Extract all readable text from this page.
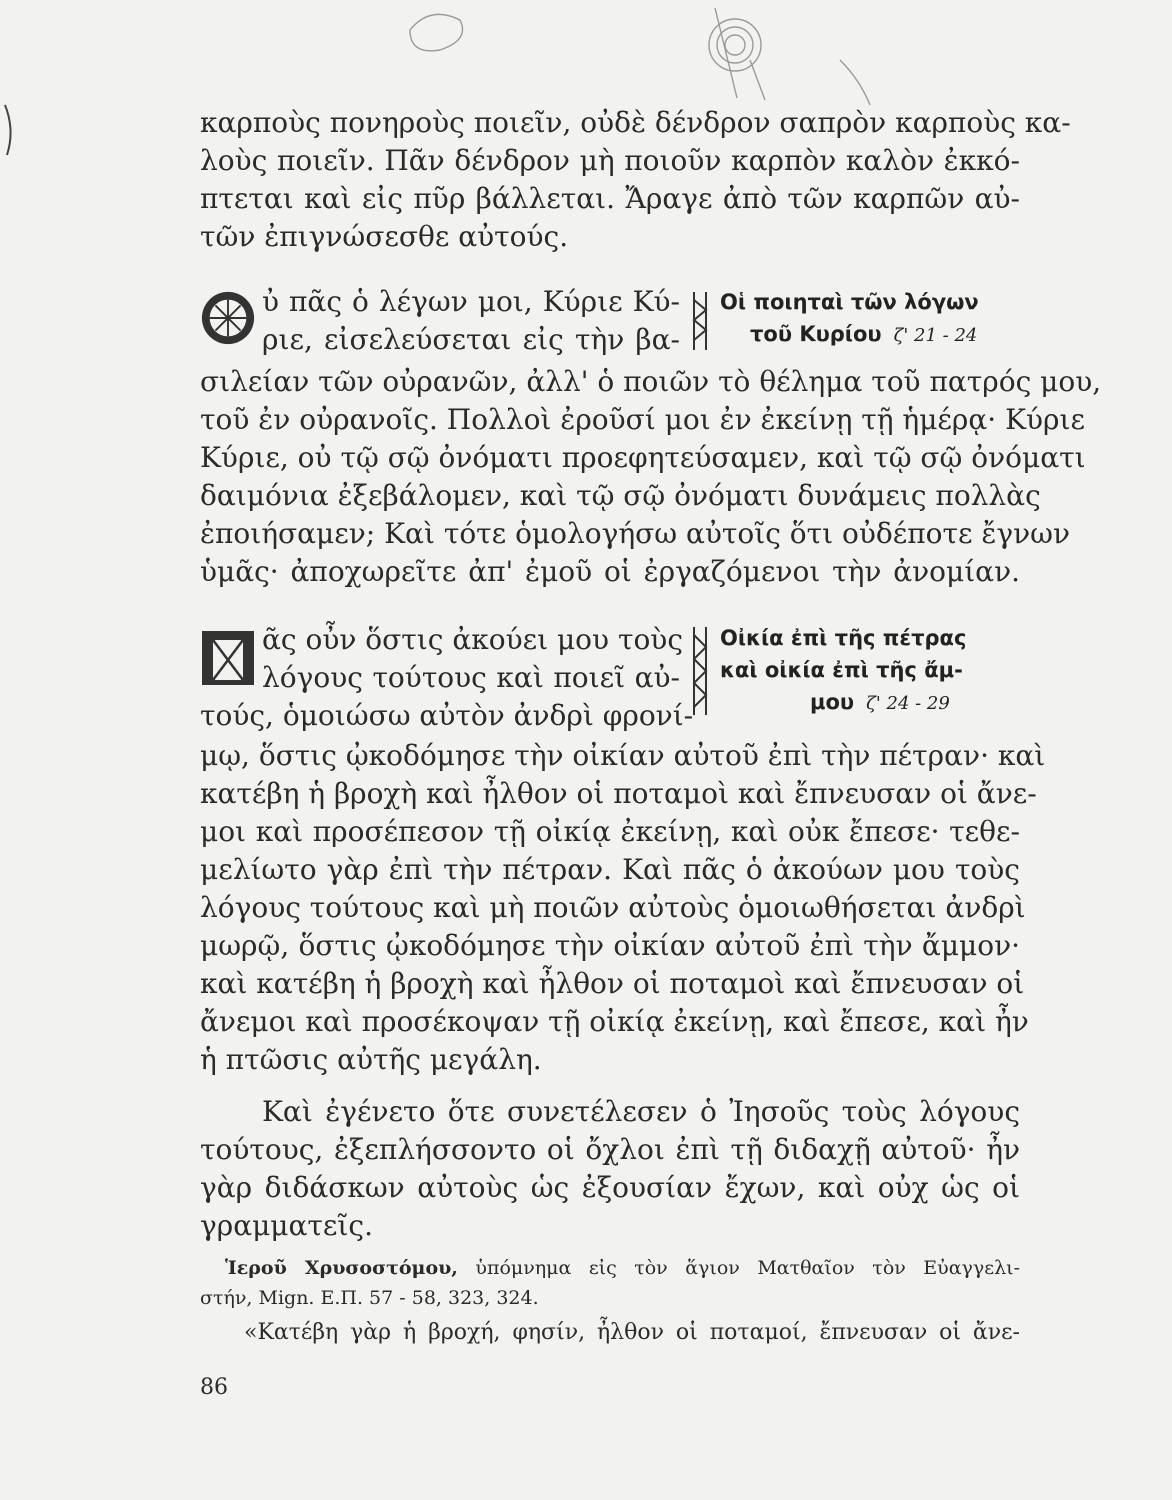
καρποὺς πονηροὺς ποιεῖν, οὐδὲ δένδρον σαπρὸν καρποὺς κα-
λοὺς ποιεῖν. Πᾶν δένδρον μὴ ποιοῦν καρπὸν καλὸν ἐκκό-
πτεται καὶ εἰς πῦρ βάλλεται. Ἄραγε ἀπὸ τῶν καρπῶν αὐ-
τῶν ἐπιγνώσεσθε αὐτούς.
ὐ πᾶς ὁ λέγων μοι, Κύριε Κύ-
ριε, εἰσελεύσεται εἰς τὴν βα-
Οἱ ποιηταὶ τῶν λόγων
τοῦ Κυρίου ζ' 21 - 24
σιλείαν τῶν οὐρανῶν, ἀλλ' ὁ ποιῶν τὸ θέλημα τοῦ πατρός μου,
τοῦ ἐν οὐρανοῖς. Πολλοὶ ἐροῦσί μοι ἐν ἐκείνῃ τῇ ἡμέρᾳ· Κύριε
Κύριε, οὐ τῷ σῷ ὀνόματι προεφητεύσαμεν, καὶ τῷ σῷ ὀνόματι
δαιμόνια ἐξεβάλομεν, καὶ τῷ σῷ ὀνόματι δυνάμεις πολλὰς
ἐποιήσαμεν; Καὶ τότε ὁμολογήσω αὐτοῖς ὅτι οὐδέποτε ἔγνων
ὑμᾶς· ἀποχωρεῖτε ἀπ' ἐμοῦ οἱ ἐργαζόμενοι τὴν ἀνομίαν.
ᾶς οὖν ὅστις ἀκούει μου τοὺς
λόγους τούτους καὶ ποιεῖ αὐ-
τούς, ὁμοιώσω αὐτὸν ἀνδρὶ φρονί-
Οἰκία ἐπὶ τῆς πέτρας
καὶ οἰκία ἐπὶ τῆς ἄμ-
μου ζ' 24 - 29
μῳ, ὅστις ᾠκοδόμησε τὴν οἰκίαν αὐτοῦ ἐπὶ τὴν πέτραν· καὶ
κατέβη ἡ βροχὴ καὶ ἦλθον οἱ ποταμοὶ καὶ ἔπνευσαν οἱ ἄνε-
μοι καὶ προσέπεσον τῇ οἰκίᾳ ἐκείνῃ, καὶ οὐκ ἔπεσε· τεθε-
μελίωτο γὰρ ἐπὶ τὴν πέτραν. Καὶ πᾶς ὁ ἀκούων μου τοὺς
λόγους τούτους καὶ μὴ ποιῶν αὐτοὺς ὁμοιωθήσεται ἀνδρὶ
μωρῷ, ὅστις ᾠκοδόμησε τὴν οἰκίαν αὐτοῦ ἐπὶ τὴν ἄμμον·
καὶ κατέβη ἡ βροχὴ καὶ ἦλθον οἱ ποταμοὶ καὶ ἔπνευσαν οἱ
ἄνεμοι καὶ προσέκοψαν τῇ οἰκίᾳ ἐκείνῃ, καὶ ἔπεσε, καὶ ἦν
ἡ πτῶσις αὐτῆς μεγάλη.
Καὶ ἐγένετο ὅτε συνετέλεσεν ὁ Ἰησοῦς τοὺς λόγους
τούτους, ἐξεπλήσσοντο οἱ ὄχλοι ἐπὶ τῇ διδαχῇ αὐτοῦ· ἦν
γὰρ διδάσκων αὐτοὺς ὡς ἐξουσίαν ἔχων, καὶ οὐχ ὡς οἱ
γραμματεῖς.
Ἱεροῦ Χρυσοστόμου, ὑπόμνημα εἰς τὸν ἅγιον Ματθαῖον τὸν Εὐαγγελι-
στήν, Mign. Ε.Π. 57 - 58, 323, 324.
«Κατέβη γὰρ ἡ βροχή, φησίν, ἦλθον οἱ ποταμοί, ἔπνευσαν οἱ ἄνε-
86
